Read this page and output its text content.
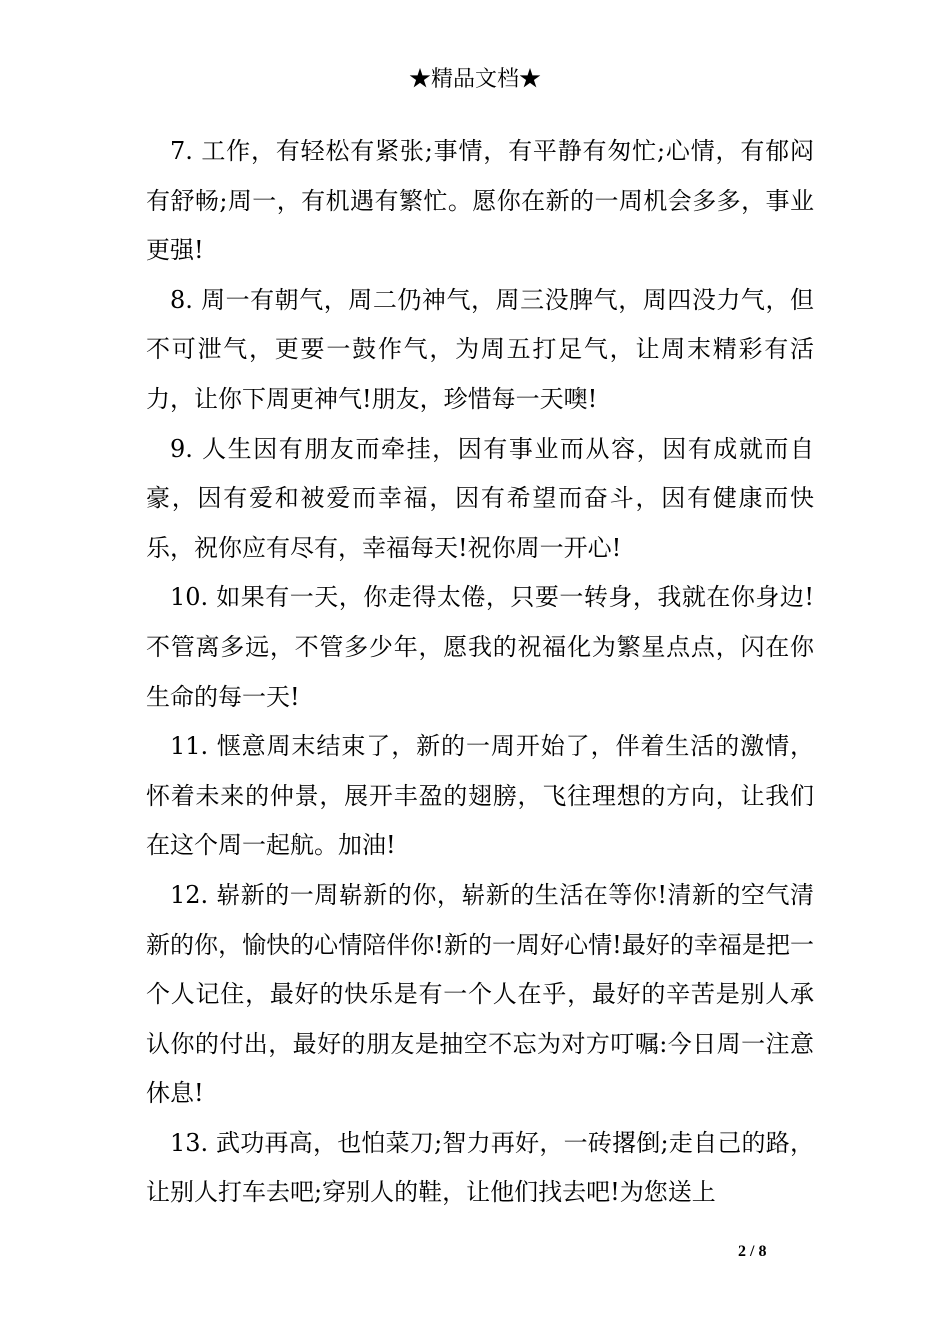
★精品文档★

7. 工作，有轻松有紧张;事情，有平静有匆忙;心情，有郁闷有舒畅;周一，有机遇有繁忙。愿你在新的一周机会多多，事业更强!

8. 周一有朝气，周二仍神气，周三没脾气，周四没力气，但不可泄气，更要一鼓作气，为周五打足气，让周末精彩有活力，让你下周更神气!朋友，珍惜每一天噢!

9. 人生因有朋友而牵挂，因有事业而从容，因有成就而自豪，因有爱和被爱而幸福，因有希望而奋斗，因有健康而快乐，祝你应有尽有，幸福每天!祝你周一开心!

10. 如果有一天，你走得太倦，只要一转身，我就在你身边!不管离多远，不管多少年，愿我的祝福化为繁星点点，闪在你生命的每一天!

11. 惬意周末结束了，新的一周开始了，伴着生活的激情，怀着未来的仲景，展开丰盈的翅膀，飞往理想的方向，让我们在这个周一起航。加油!

12. 崭新的一周崭新的你，崭新的生活在等你!清新的空气清新的你，愉快的心情陪伴你!新的一周好心情!最好的幸福是把一个人记住，最好的快乐是有一个人在乎，最好的辛苦是别人承认你的付出，最好的朋友是抽空不忘为对方叮嘱:今日周一注意休息!

13. 武功再高，也怕菜刀;智力再好，一砖撂倒;走自己的路，让别人打车去吧;穿别人的鞋，让他们找去吧!为您送上

2 / 8
